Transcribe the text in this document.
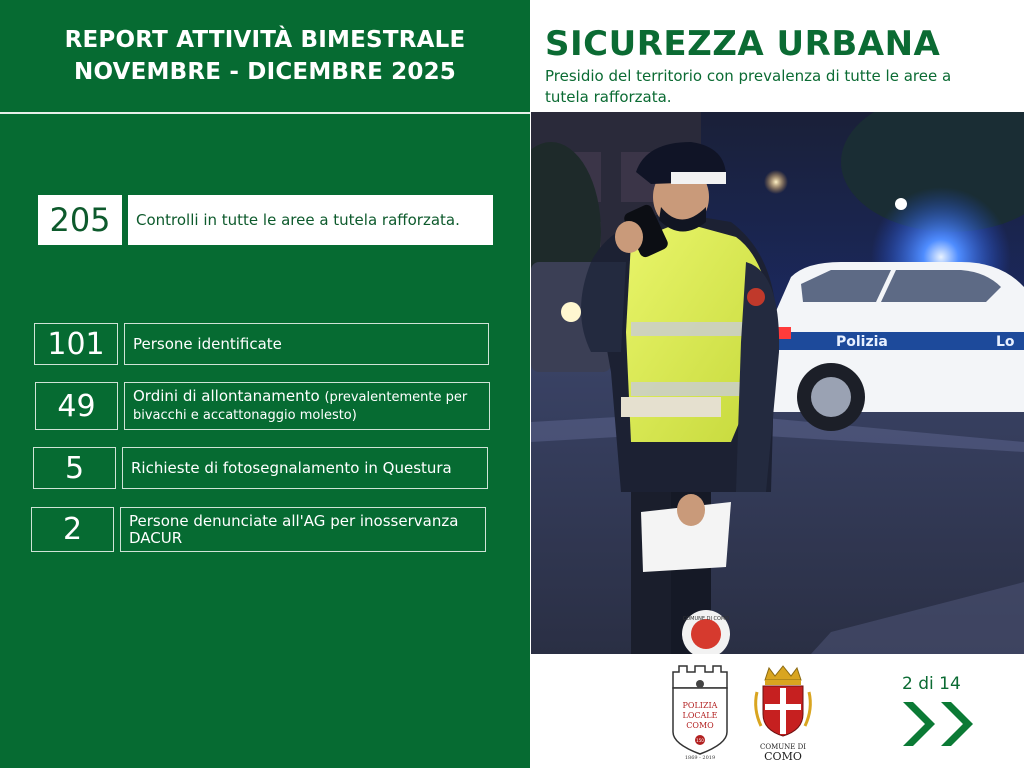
REPORT ATTIVITÀ BIMESTRALE
NOVEMBRE - DICEMBRE 2025
205	Controlli in tutte le aree a tutela rafforzata.
101	Persone identificate
49	Ordini di allontanamento (prevalentemente per bivacchi e accattonaggio molesto)
5	Richieste di fotosegnalamento in Questura
2	Persone denunciate all'AG per inosservanza DACUR
SICUREZZA URBANA
Presidio del territorio con prevalenza di tutte le aree a tutela rafforzata.
Polizia	Lo
COMUNE DI COMO
POLIZIA
LOCALE
COMO
150
1869 - 2019
COMUNE DI
COMO
2 di 14
